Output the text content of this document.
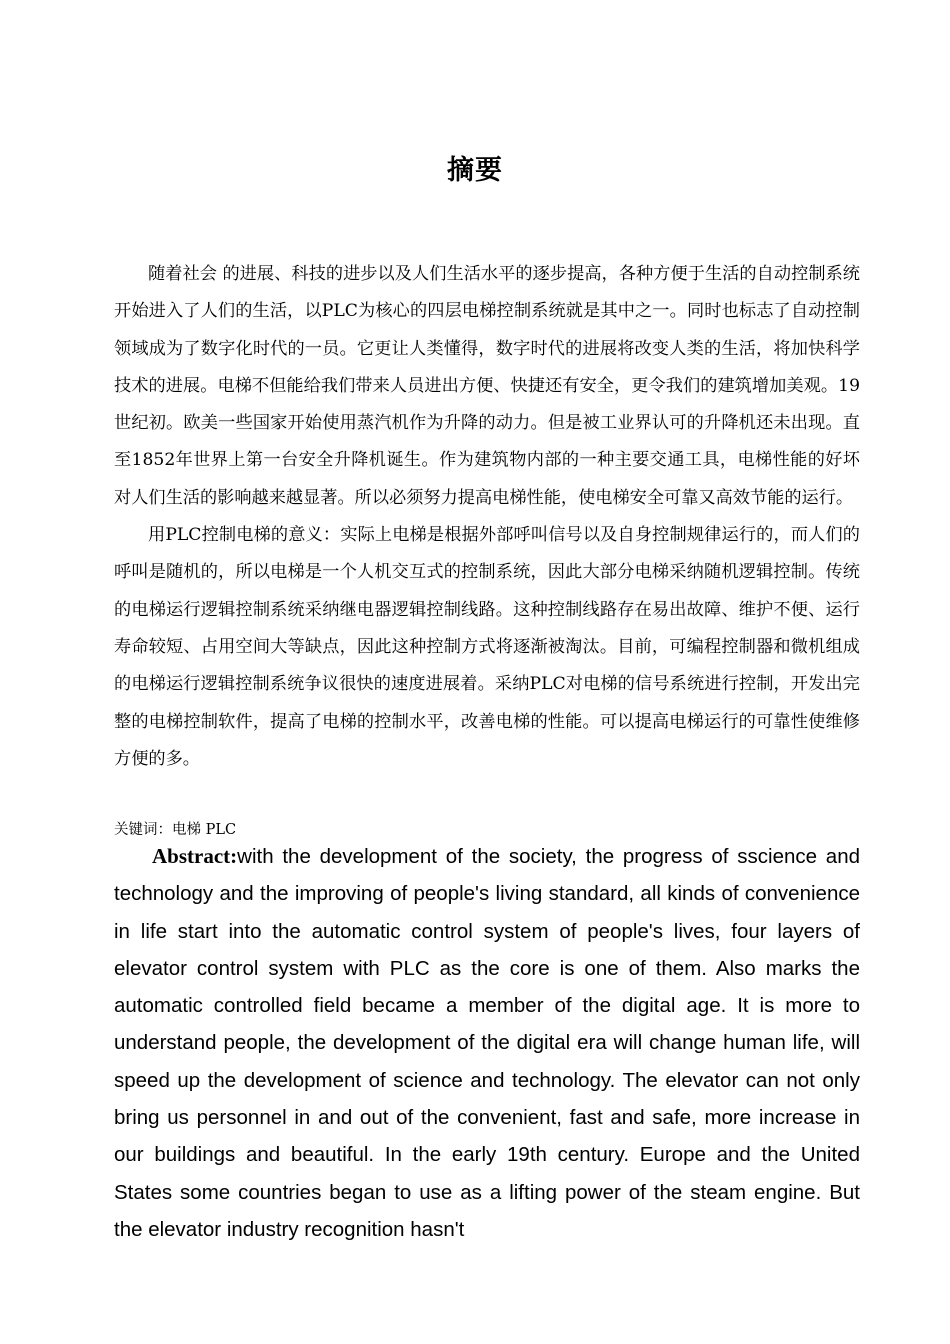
摘要

随着社会 的进展、科技的进步以及人们生活水平的逐步提高，各种方便于生活的自动控制系统开始进入了人们的生活，以PLC为核心的四层电梯控制系统就是其中之一。同时也标志了自动控制领域成为了数字化时代的一员。它更让人类懂得，数字时代的进展将改变人类的生活，将加快科学技术的进展。电梯不但能给我们带来人员进出方便、快捷还有安全，更令我们的建筑增加美观。19世纪初。欧美一些国家开始使用蒸汽机作为升降的动力。但是被工业界认可的升降机还未出现。直至1852年世界上第一台安全升降机诞生。作为建筑物内部的一种主要交通工具，电梯性能的好坏对人们生活的影响越来越显著。所以必须努力提高电梯性能，使电梯安全可靠又高效节能的运行。

用PLC控制电梯的意义：实际上电梯是根据外部呼叫信号以及自身控制规律运行的，而人们的呼叫是随机的，所以电梯是一个人机交互式的控制系统，因此大部分电梯采纳随机逻辑控制。传统的电梯运行逻辑控制系统采纳继电器逻辑控制线路。这种控制线路存在易出故障、维护不便、运行寿命较短、占用空间大等缺点，因此这种控制方式将逐渐被淘汰。目前，可编程控制器和微机组成的电梯运行逻辑控制系统争议很快的速度进展着。采纳PLC对电梯的信号系统进行控制，开发出完整的电梯控制软件，提高了电梯的控制水平，改善电梯的性能。可以提高电梯运行的可靠性使维修方便的多。

关键词：电梯 PLC
Abstract:with the development of the society, the progress of sscience and technology and the improving of people's living standard, all kinds of convenience in life start into the automatic control system of people's lives, four layers of elevator control system with PLC as the core is one of them. Also marks the automatic controlled field became a member of the digital age. It is more to understand people, the development of the digital era will change human life, will speed up the development of science and technology. The elevator can not only bring us personnel in and out of the convenient, fast and safe, more increase in our buildings and beautiful. In the early 19th century. Europe and the United States some countries began to use as a lifting power of the steam engine. But the elevator industry recognition hasn't
